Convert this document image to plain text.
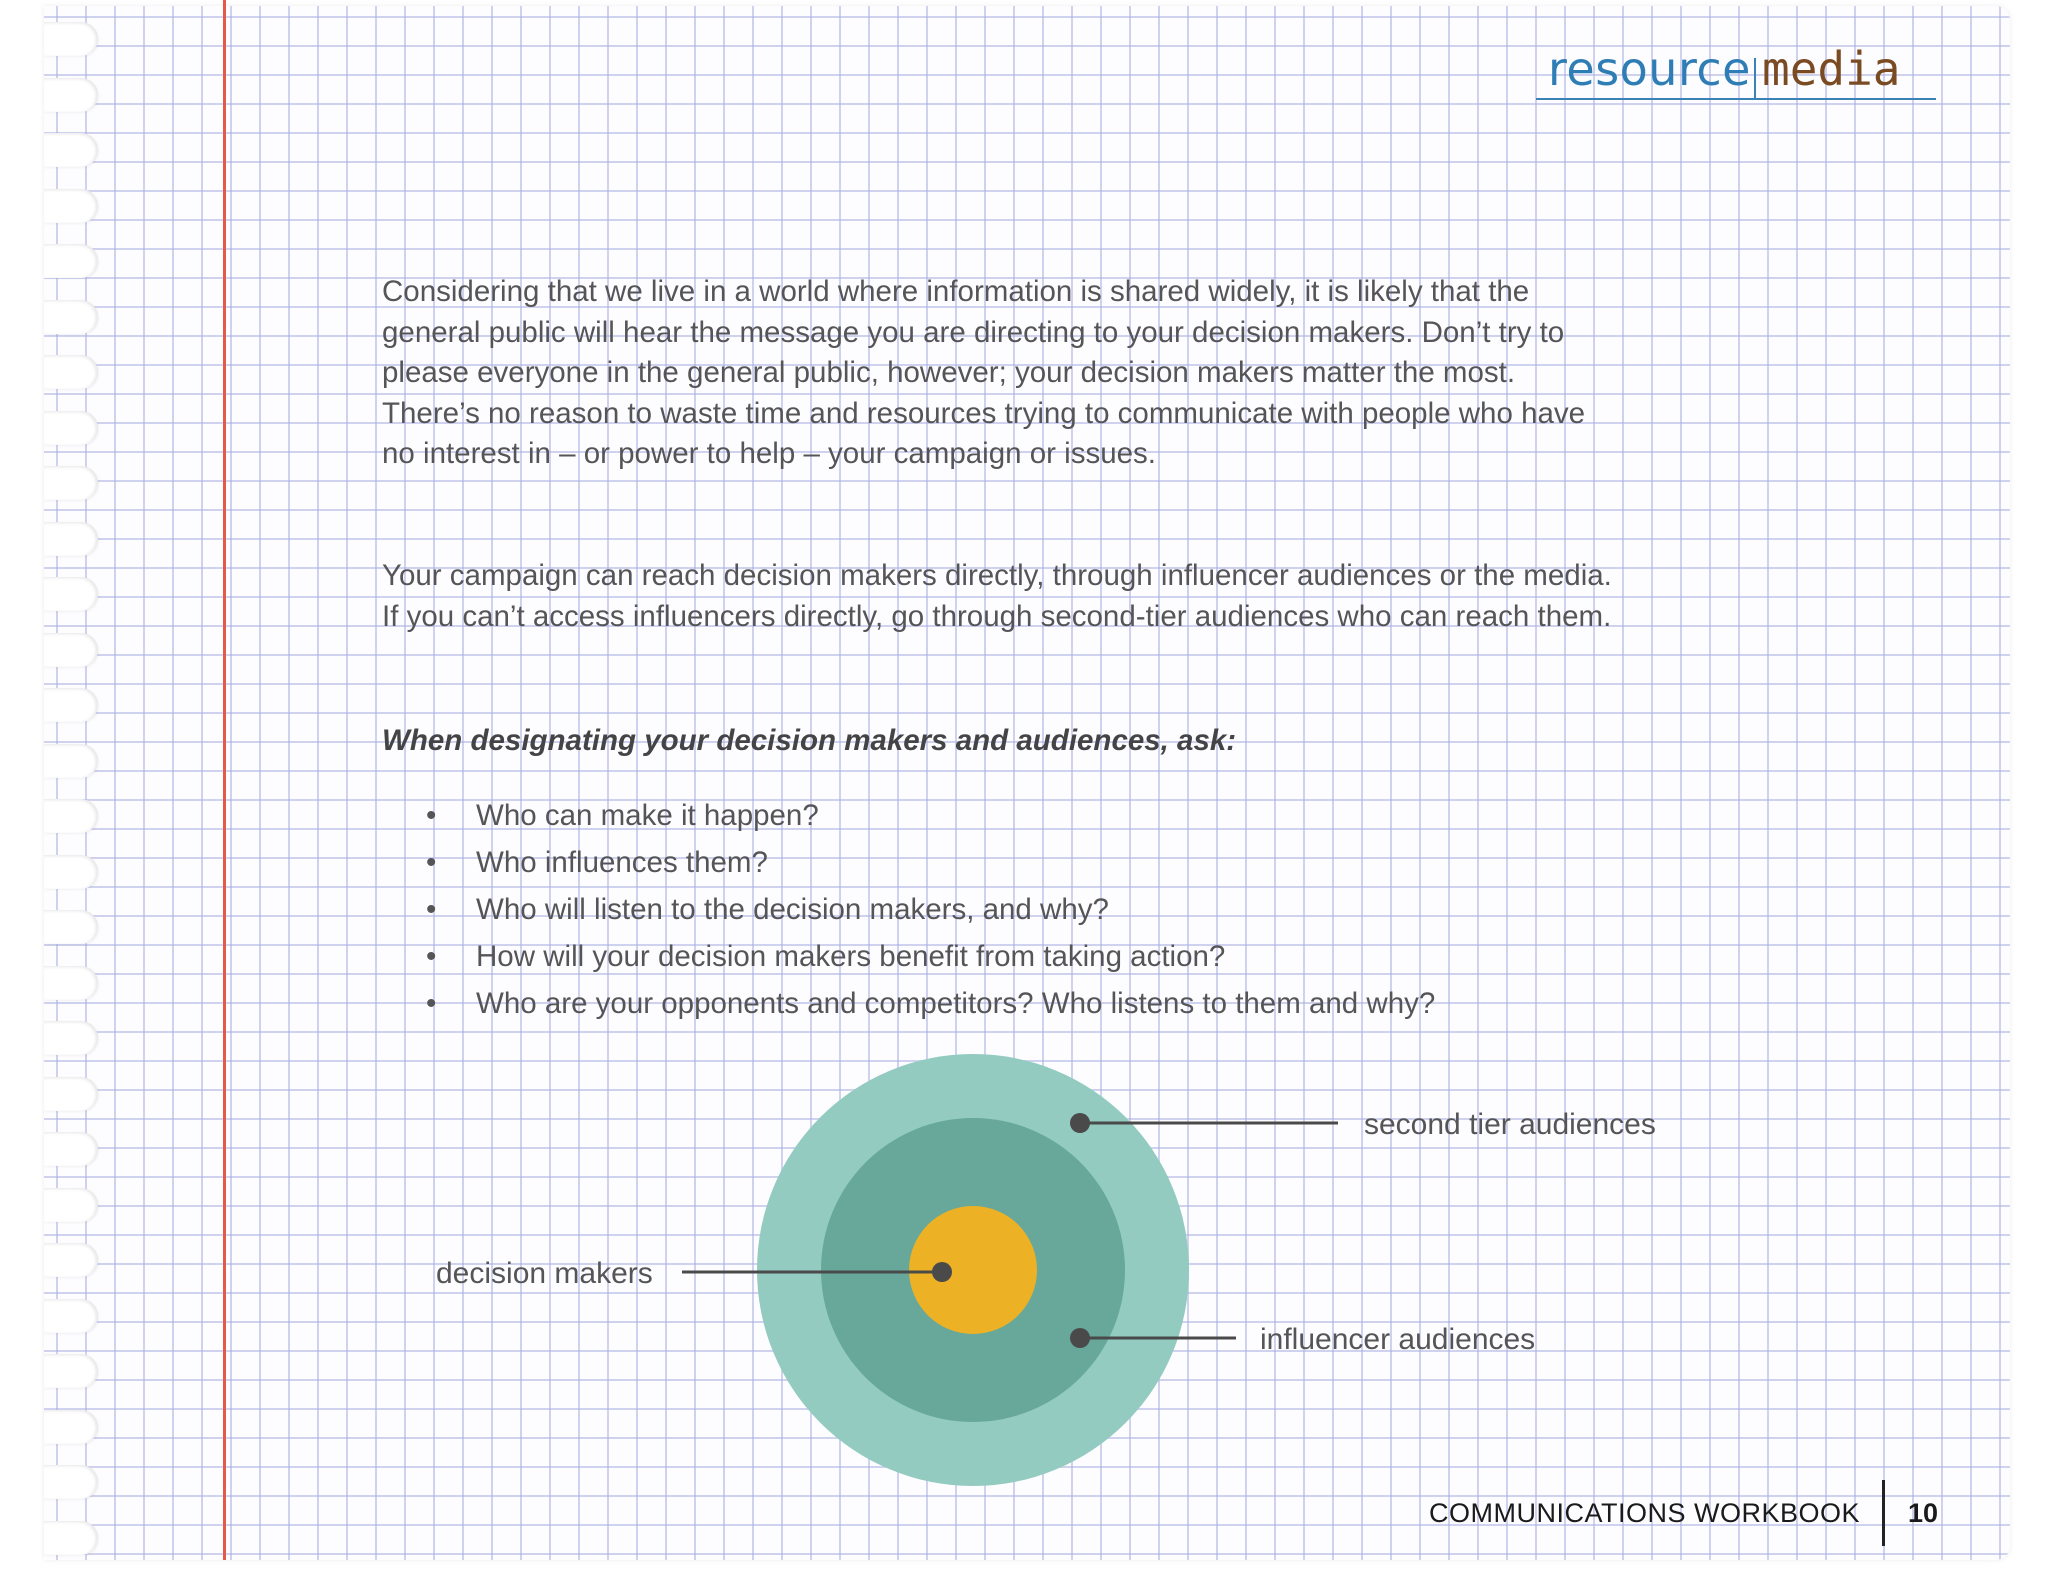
resource media
Considering that we live in a world where information is shared widely, it is likely that the general public will hear the message you are directing to your decision makers. Don’t try to please everyone in the general public, however; your decision makers matter the most. There’s no reason to waste time and resources trying to communicate with people who have no interest in – or power to help – your campaign or issues.
Your campaign can reach decision makers directly, through influencer audiences or the media. If you can’t access influencers directly, go through second-tier audiences who can reach them.
When designating your decision makers and audiences, ask:
• Who can make it happen?
• Who influences them?
• Who will listen to the decision makers, and why?
• How will your decision makers benefit from taking action?
• Who are your opponents and competitors? Who listens to them and why?
second tier audiences
decision makers
influencer audiences
COMMUNICATIONS WORKBOOK 10
